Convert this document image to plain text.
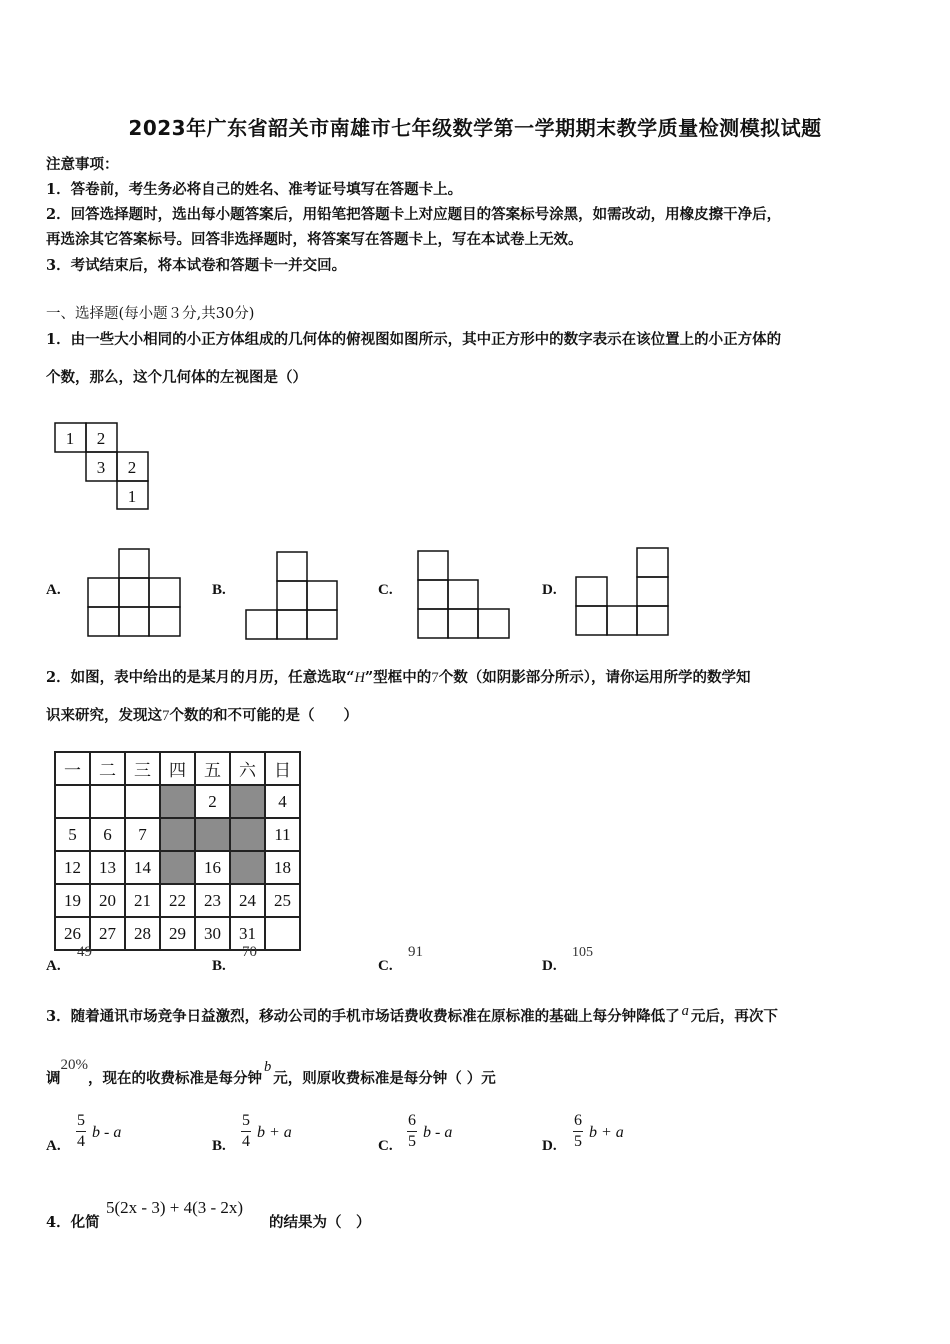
2023年广东省韶关市南雄市七年级数学第一学期期末教学质量检测模拟试题
注意事项：
1．答卷前，考生务必将自己的姓名、准考证号填写在答题卡上。
2．回答选择题时，选出每小题答案后，用铅笔把答题卡上对应题目的答案标号涂黑，如需改动，用橡皮擦干净后，
再选涂其它答案标号。回答非选择题时，将答案写在答题卡上，写在本试卷上无效。
3．考试结束后，将本试卷和答题卡一并交回。
一、选择题(每小题３分,共30分)
1．由一些大小相同的小正方体组成的几何体的俯视图如图所示，其中正方形中的数字表示在该位置上的小正方体的
个数，那么，这个几何体的左视图是（）
1 2
3 2
1
A.	B.	C.	D.
2．如图，表中给出的是某月的月历，任意选取“H”型框中的7个数（如阴影部分所示），请你运用所学的数学知
识来研究，发现这7个数的和不可能的是（　　）
一	二	三	四	五	六	日
				2		4
5	6	7				11
12	13	14		16		18
19	20	21	22	23	24	25
26	27	28	29	30	31	
A.
49
B.
70
C.
91
D.
105
3．随着通讯市场竞争日益激烈，移动公司的手机市场话费收费标准在原标准的基础上每分钟降低了 a 元后，再次下
调20%，现在的收费标准是每分钟b元，则原收费标准是每分钟（ ）元
A. $\frac{5}{4}$ b - a
B. $\frac{5}{4}$ b + a
C. $\frac{6}{5}$ b - a
D. $\frac{6}{5}$ b + a
4．化简
5(2x - 3) + 4(3 - 2x)
的结果为（　）
